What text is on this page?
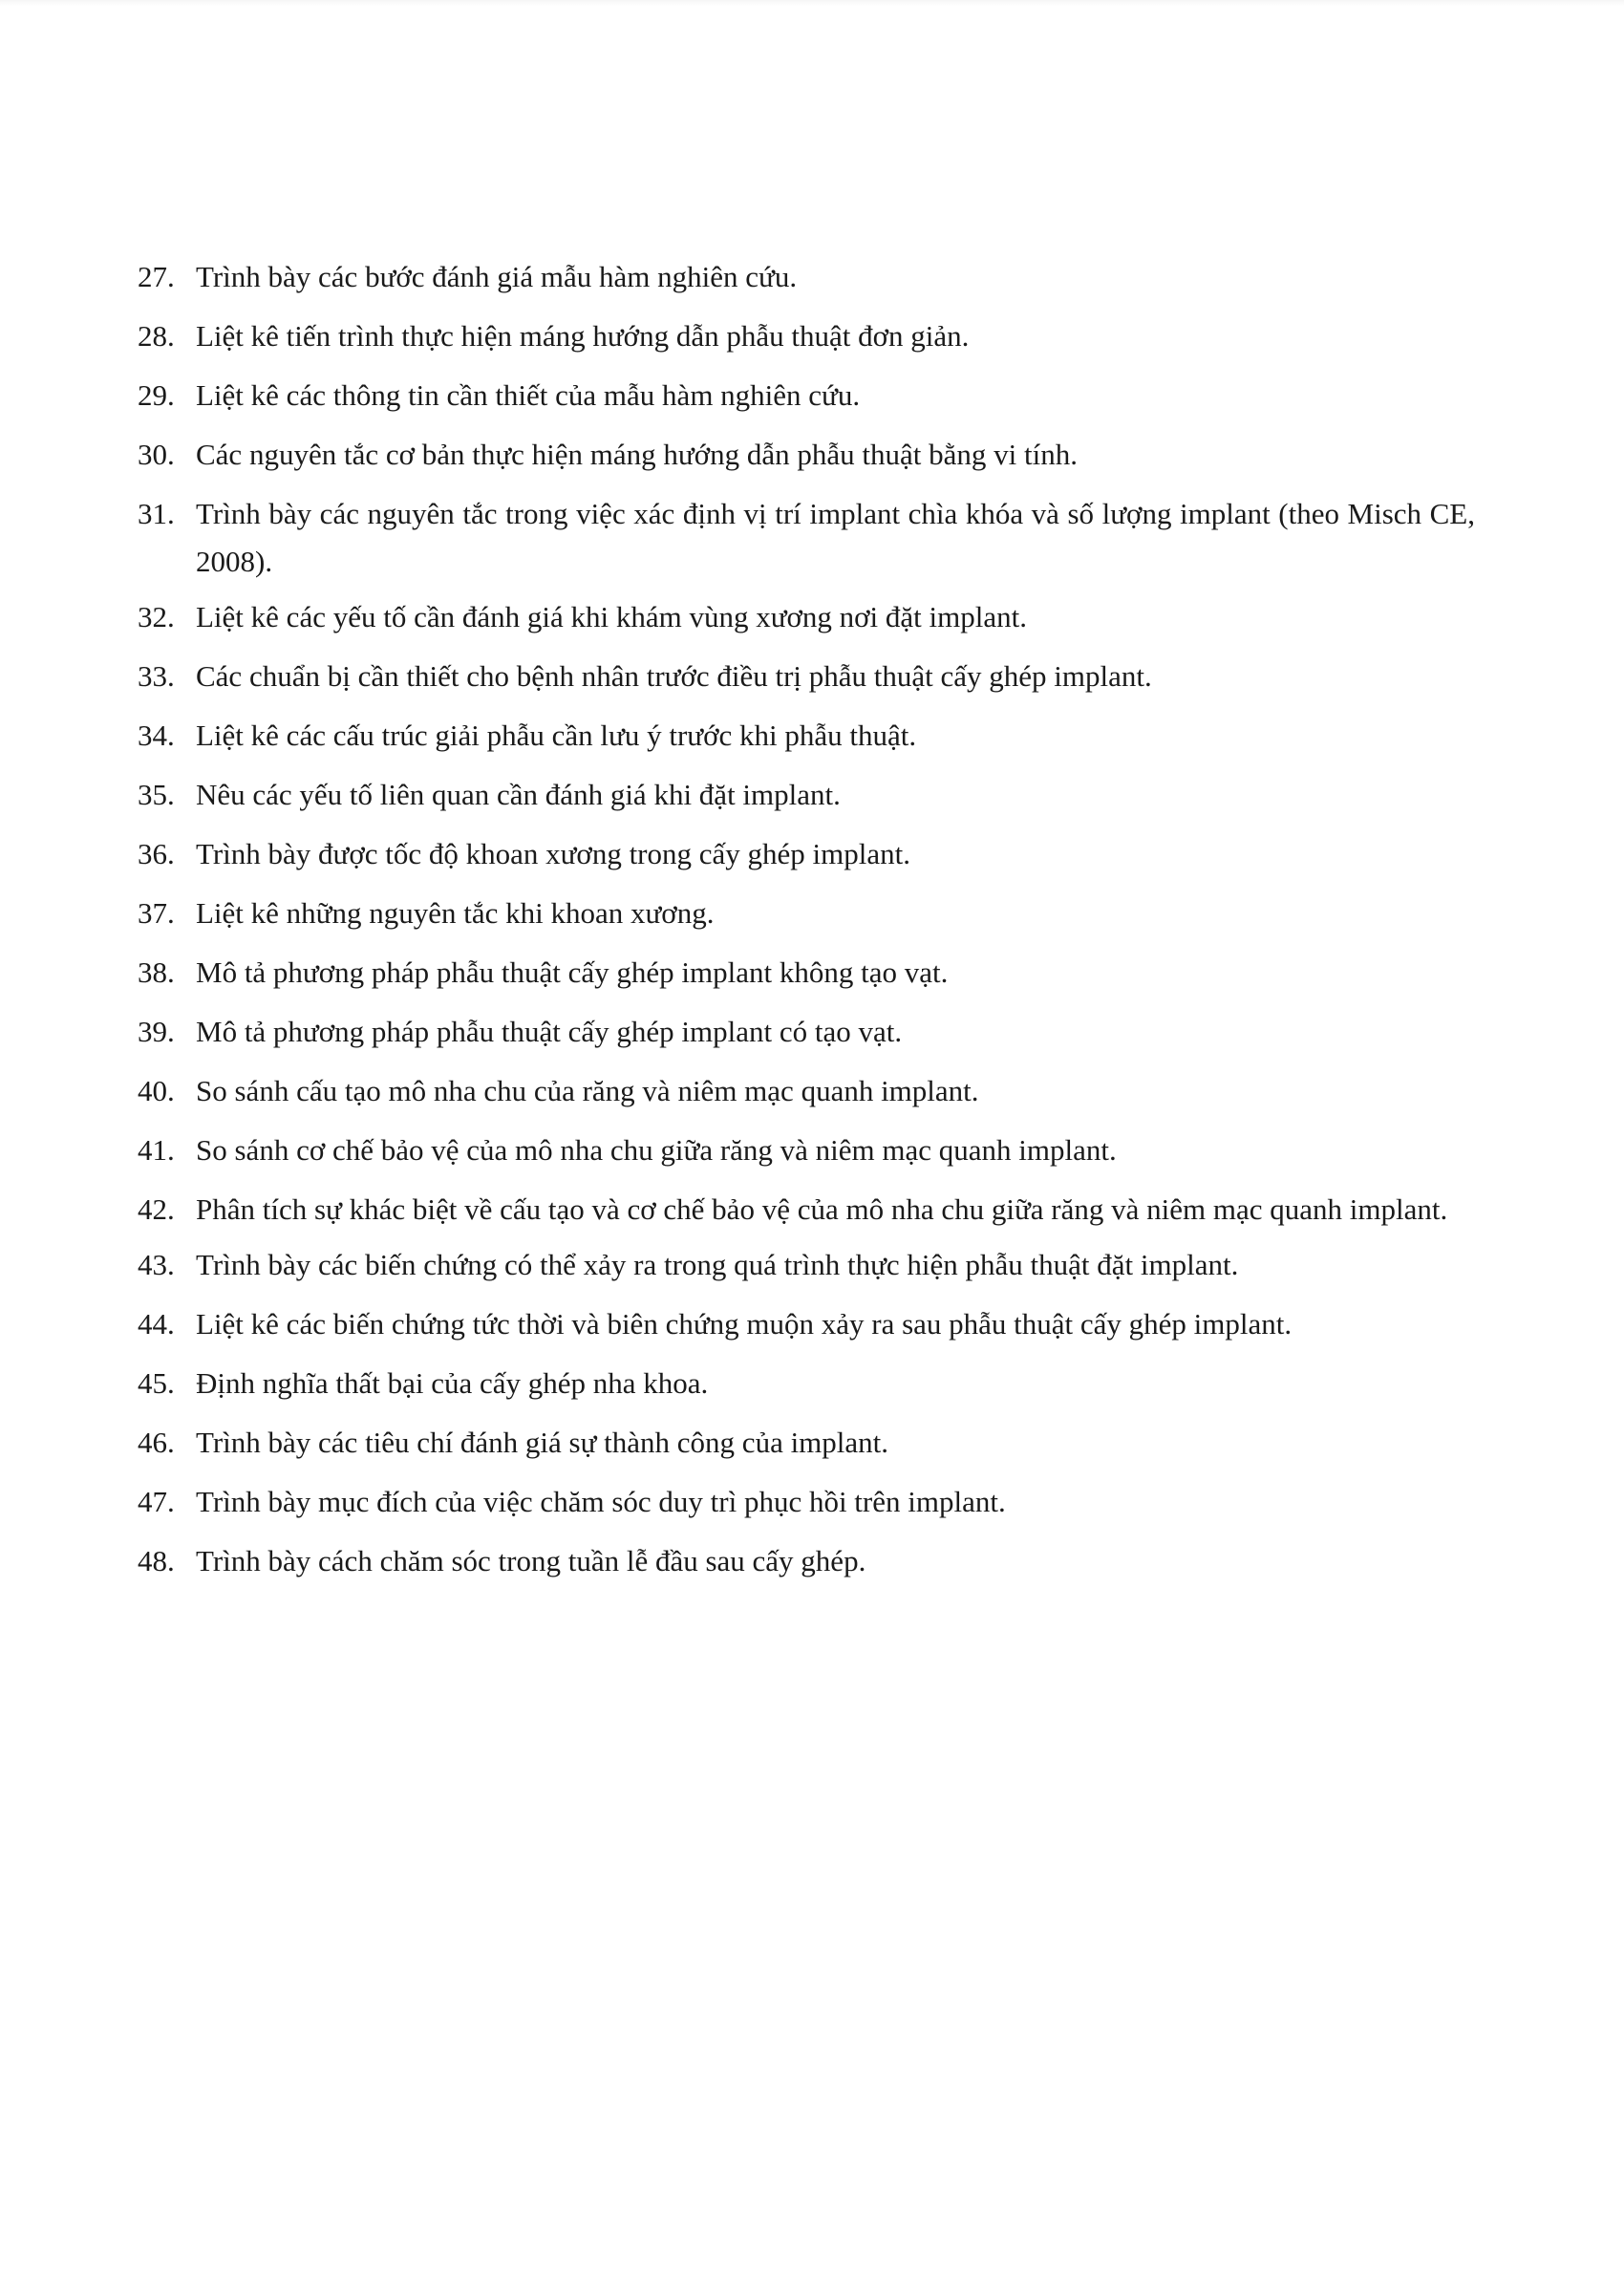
27. Trình bày các bước đánh giá mẫu hàm nghiên cứu.
28. Liệt kê tiến trình thực hiện máng hướng dẫn phẫu thuật đơn giản.
29. Liệt kê các thông tin cần thiết của mẫu hàm nghiên cứu.
30. Các nguyên tắc cơ bản thực hiện máng hướng dẫn phẫu thuật bằng vi tính.
31. Trình bày các nguyên tắc trong việc xác định vị trí implant chìa khóa và số lượng implant (theo Misch CE, 2008).
32. Liệt kê các yếu tố cần đánh giá khi khám vùng xương nơi đặt implant.
33. Các chuẩn bị cần thiết cho bệnh nhân trước điều trị phẫu thuật cấy ghép implant.
34. Liệt kê các cấu trúc giải phẫu cần lưu ý trước khi phẫu thuật.
35. Nêu các yếu tố liên quan cần đánh giá khi đặt implant.
36. Trình bày được tốc độ khoan xương trong cấy ghép implant.
37. Liệt kê những nguyên tắc khi khoan xương.
38. Mô tả phương pháp phẫu thuật cấy ghép implant không tạo vạt.
39. Mô tả phương pháp phẫu thuật cấy ghép implant có tạo vạt.
40. So sánh cấu tạo mô nha chu của răng và niêm mạc quanh implant.
41. So sánh cơ chế bảo vệ của mô nha chu giữa răng và niêm mạc quanh implant.
42. Phân tích sự khác biệt về cấu tạo và cơ chế bảo vệ của mô nha chu giữa răng và niêm mạc quanh implant.
43. Trình bày các biến chứng có thể xảy ra trong quá trình thực hiện phẫu thuật đặt implant.
44. Liệt kê các biến chứng tức thời và biên chứng muộn xảy ra sau phẫu thuật cấy ghép implant.
45. Định nghĩa thất bại của cấy ghép nha khoa.
46. Trình bày các tiêu chí đánh giá sự thành công của implant.
47. Trình bày mục đích của việc chăm sóc duy trì phục hồi trên implant.
48. Trình bày cách chăm sóc trong tuần lễ đầu sau cấy ghép.
